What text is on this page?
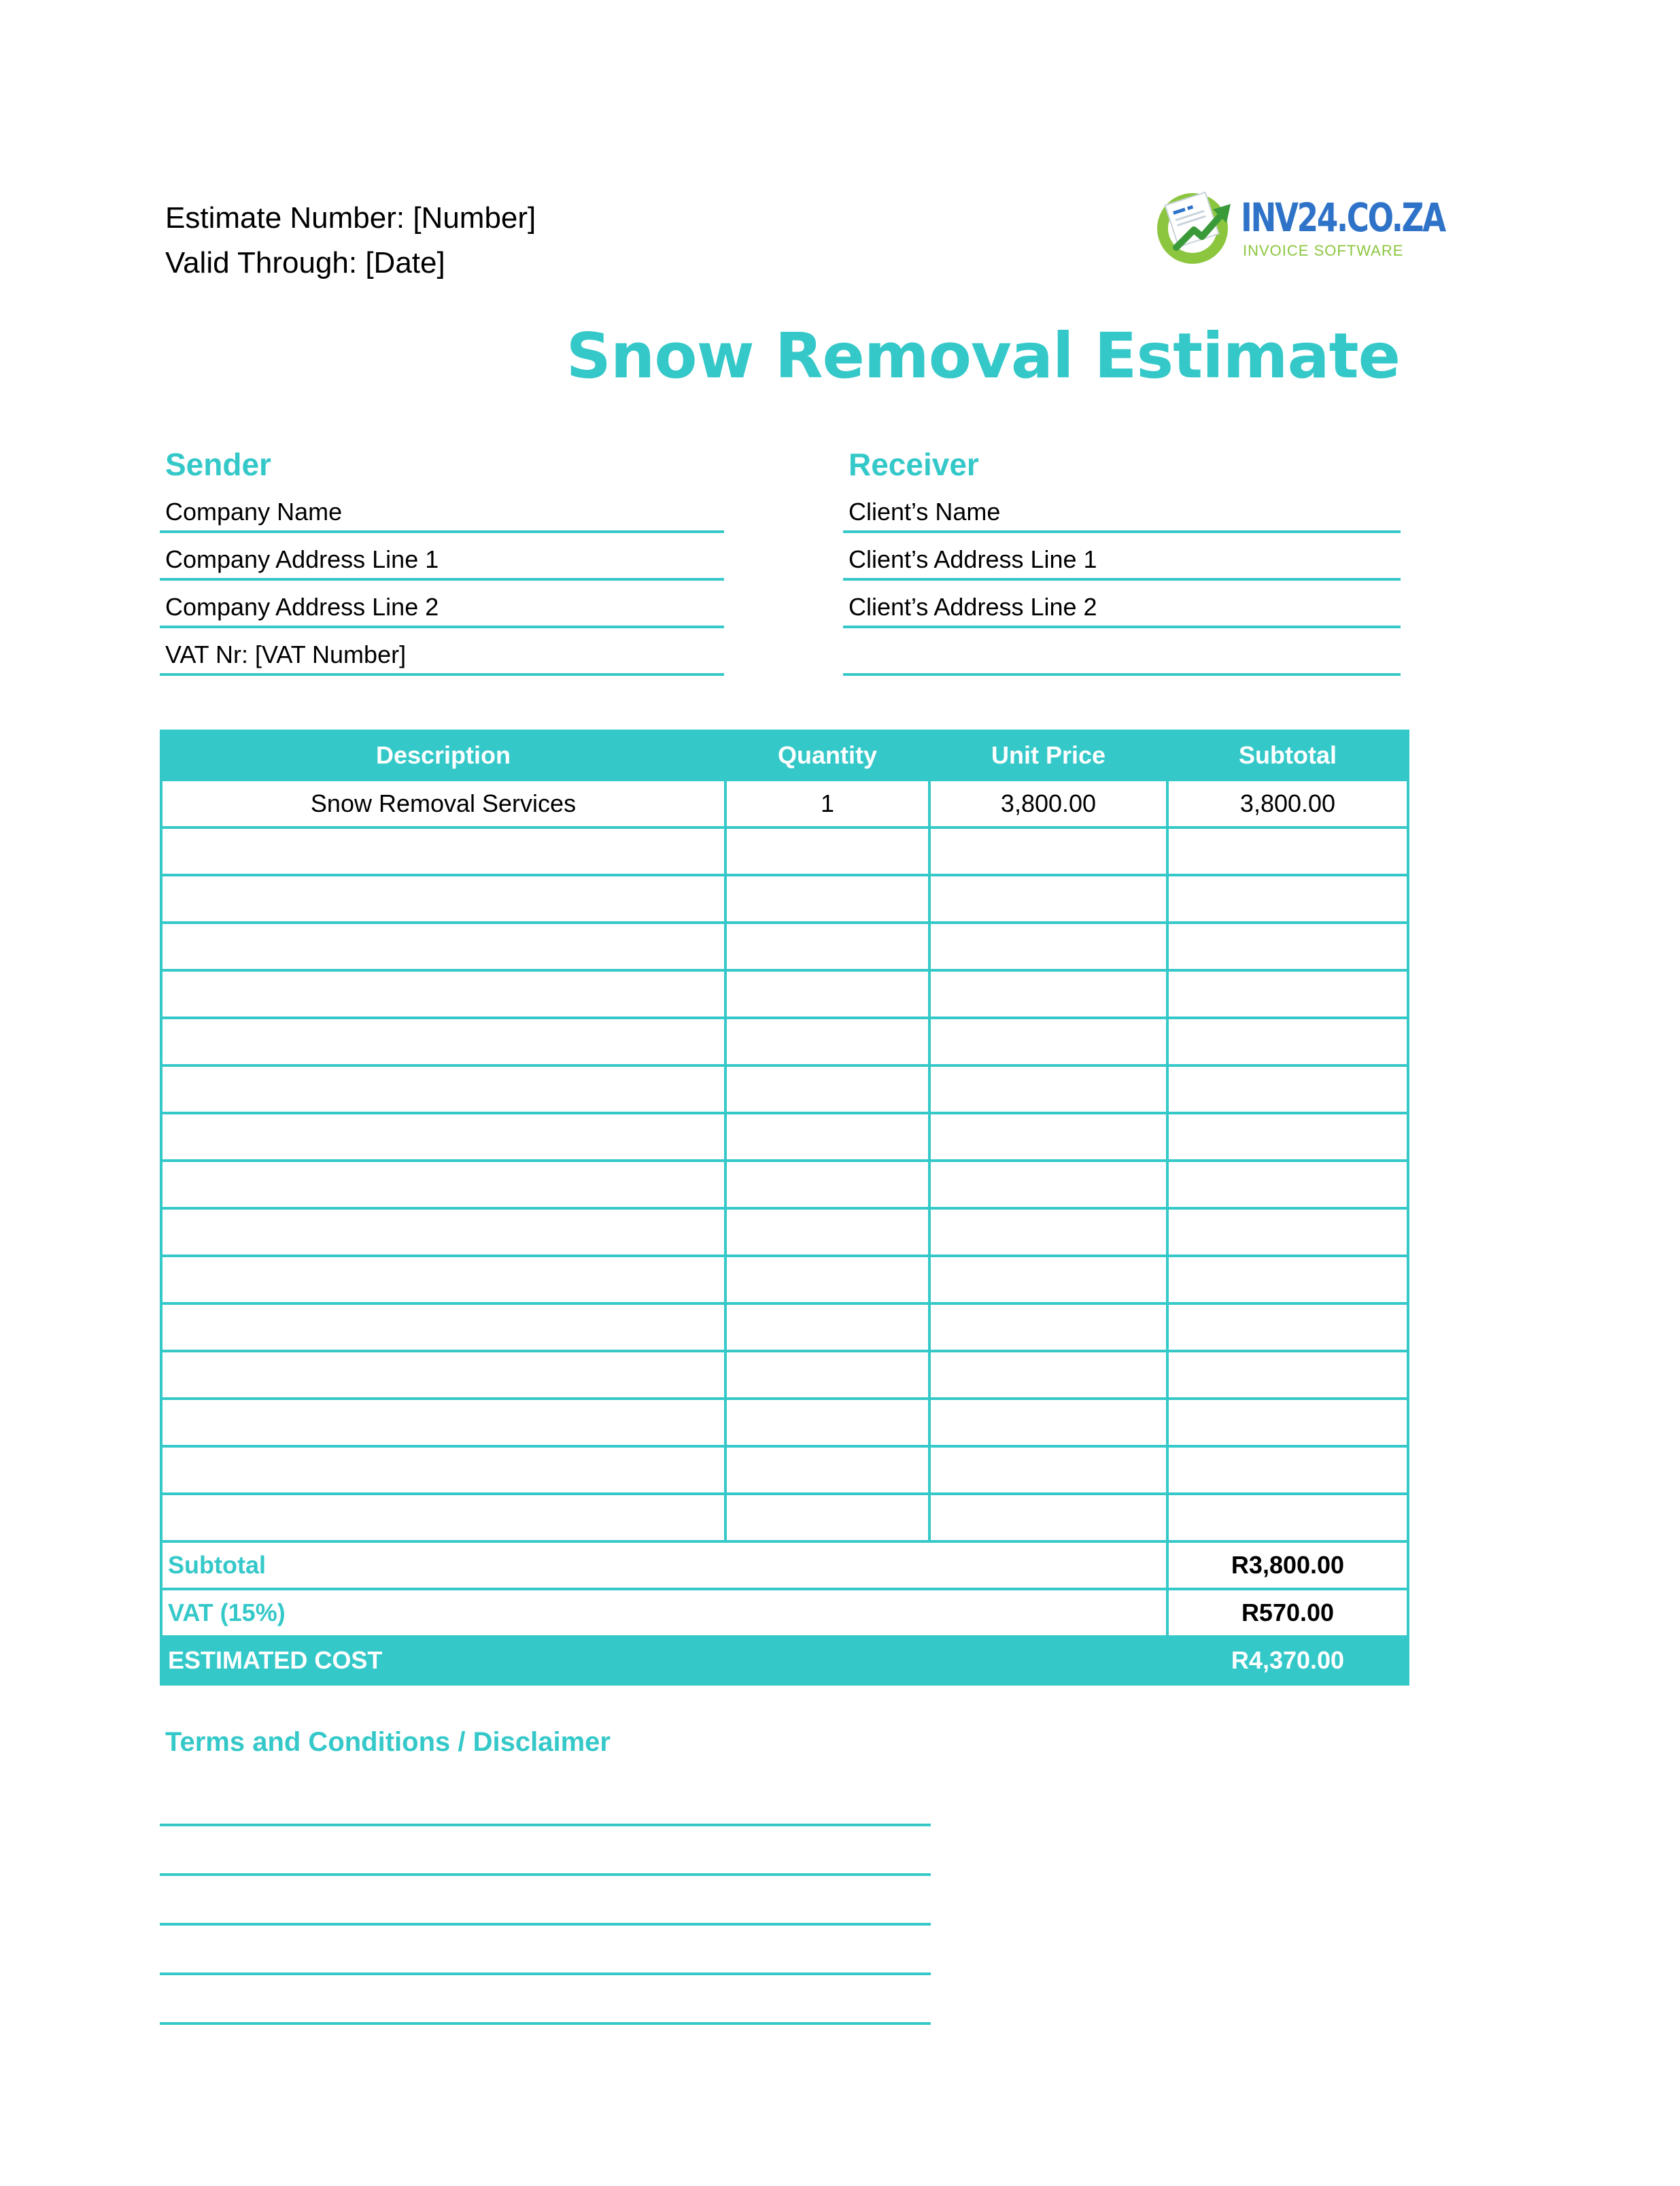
Estimate Number: [Number]
Valid Through: [Date]
INV24.CO.ZA
INVOICE SOFTWARE
Snow Removal Estimate
Sender
Company Name
Company Address Line 1
Company Address Line 2
VAT Nr: [VAT Number]
Receiver
Client’s Name
Client’s Address Line 1
Client’s Address Line 2
Description	Quantity	Unit Price	Subtotal
Snow Removal Services	1	3,800.00	3,800.00

Subtotal			R3,800.00
VAT (15%)			R570.00
ESTIMATED COST			R4,370.00
Terms and Conditions / Disclaimer
